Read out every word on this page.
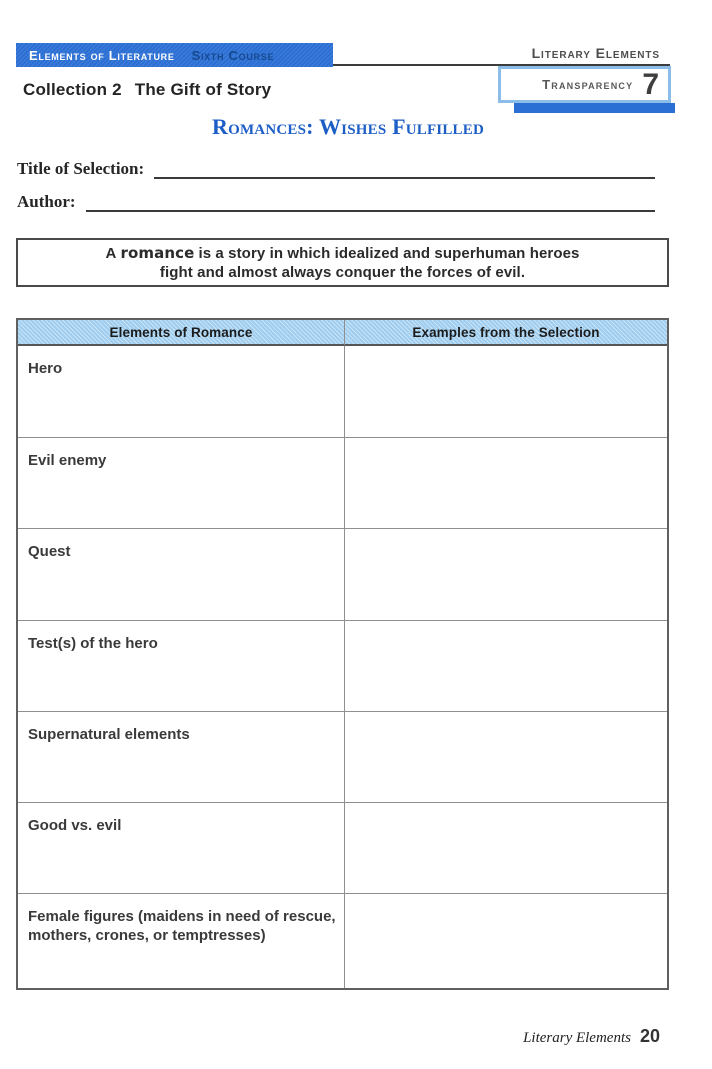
Elements of Literature Sixth Course	Literary Elements
Transparency 7
Collection 2 The Gift of Story
Romances: Wishes Fulfilled
Title of Selection:
Author:
A romance is a story in which idealized and superhuman heroes
fight and almost always conquer the forces of evil.
Elements of Romance	Examples from the Selection
Hero
Evil enemy
Quest
Test(s) of the hero
Supernatural elements
Good vs. evil
Female figures (maidens in need of rescue, mothers, crones, or temptresses)
Literary Elements 20
